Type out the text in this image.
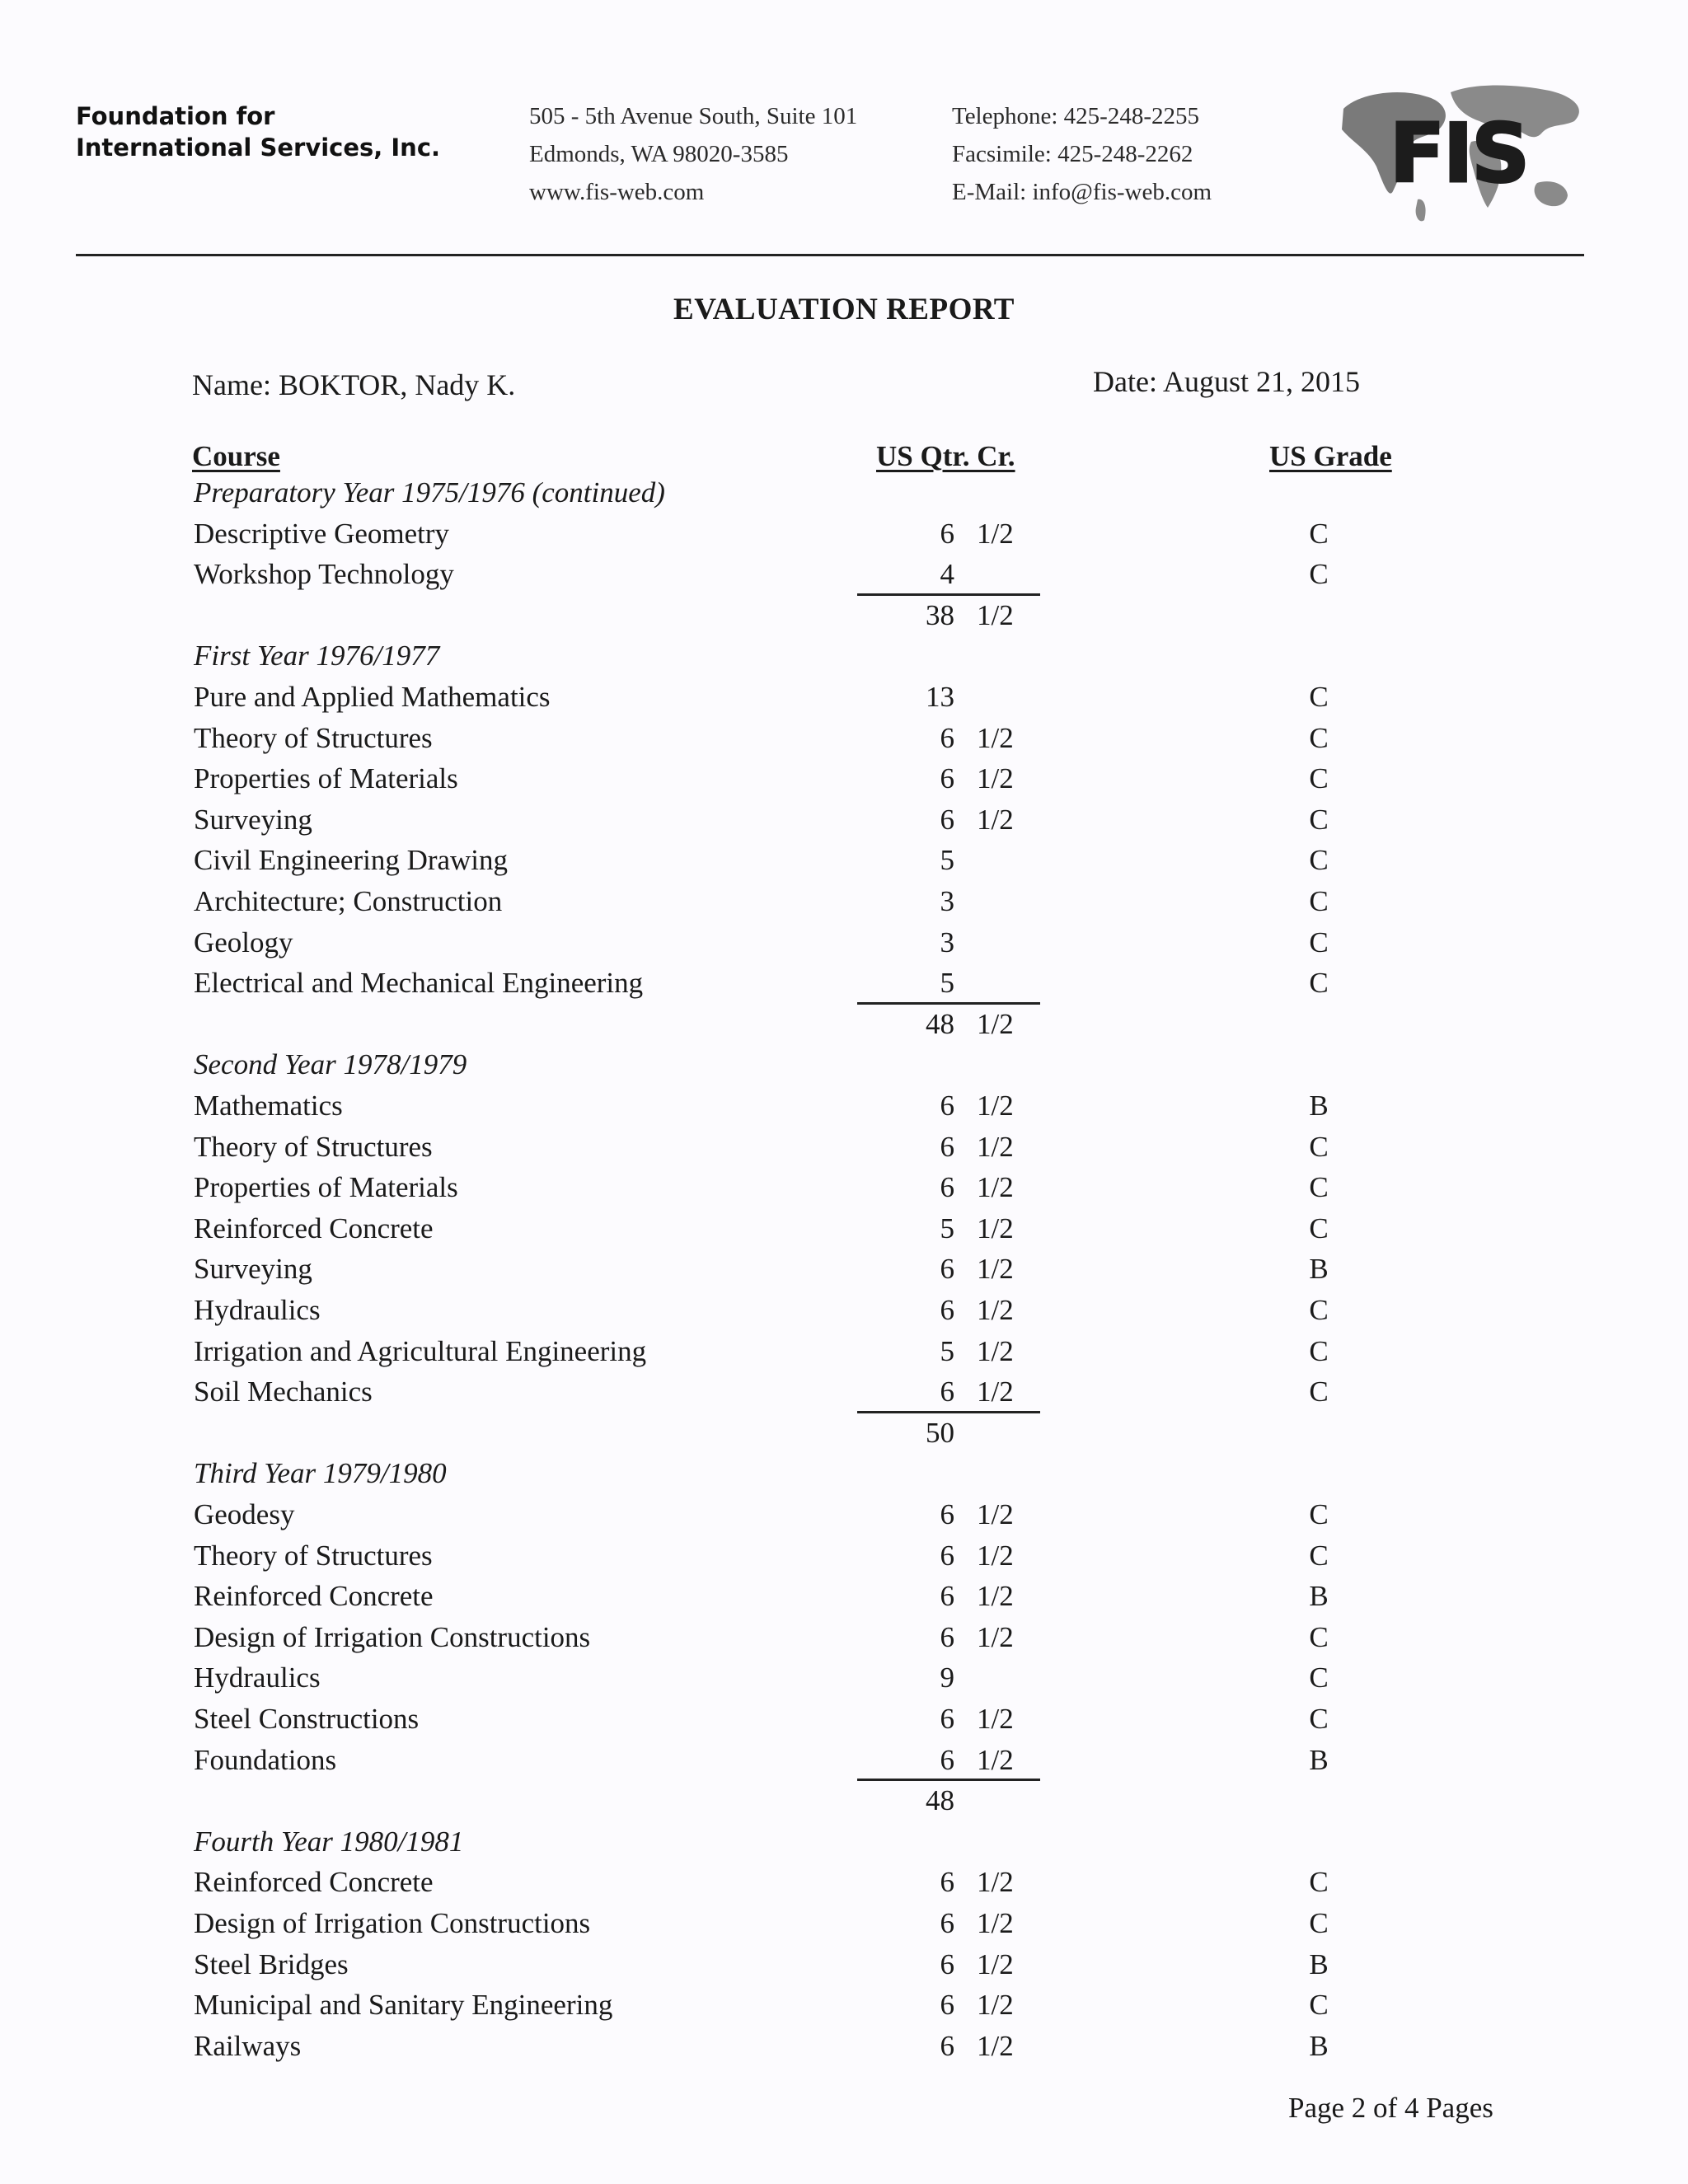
Foundation for
International Services, Inc.
505 - 5th Avenue South, Suite 101
Edmonds, WA 98020-3585
www.fis-web.com
Telephone: 425-248-2255
Facsimile: 425-248-2262
E-Mail: info@fis-web.com FIS
EVALUATION REPORT
Name: BOKTOR, Nady K.	Date: August 21, 2015
Course	US Qtr. Cr.	US Grade
Preparatory Year 1975/1976 (continued)
Descriptive Geometry	6 1/2	C
Workshop Technology	4	C
38 1/2
First Year 1976/1977
Pure and Applied Mathematics	13	C
Theory of Structures	6 1/2	C
Properties of Materials	6 1/2	C
Surveying	6 1/2	C
Civil Engineering Drawing	5	C
Architecture; Construction	3	C
Geology	3	C
Electrical and Mechanical Engineering	5	C
48 1/2
Second Year 1978/1979
Mathematics	6 1/2	B
Theory of Structures	6 1/2	C
Properties of Materials	6 1/2	C
Reinforced Concrete	5 1/2	C
Surveying	6 1/2	B
Hydraulics	6 1/2	C
Irrigation and Agricultural Engineering	5 1/2	C
Soil Mechanics	6 1/2	C
50
Third Year 1979/1980
Geodesy	6 1/2	C
Theory of Structures	6 1/2	C
Reinforced Concrete	6 1/2	B
Design of Irrigation Constructions	6 1/2	C
Hydraulics	9	C
Steel Constructions	6 1/2	C
Foundations	6 1/2	B
48
Fourth Year 1980/1981
Reinforced Concrete	6 1/2	C
Design of Irrigation Constructions	6 1/2	C
Steel Bridges	6 1/2	B
Municipal and Sanitary Engineering	6 1/2	C
Railways	6 1/2	B
Page 2 of 4 Pages
